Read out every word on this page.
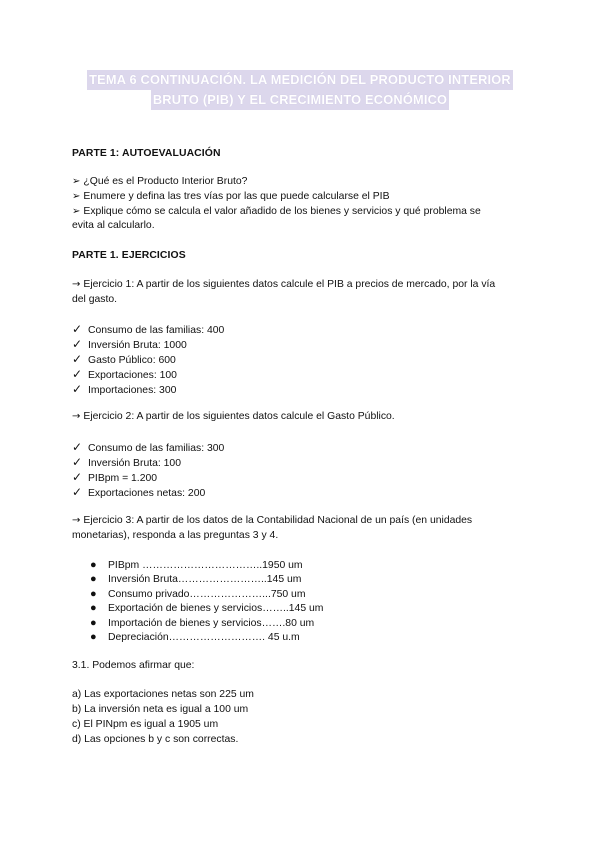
TEMA 6 CONTINUACIÓN. LA MEDICIÓN DEL PRODUCTO INTERIOR
BRUTO (PIB) Y EL CRECIMIENTO ECONÓMICO
PARTE 1: AUTOEVALUACIÓN
➢ ¿Qué es el Producto Interior Bruto?
➢ Enumere y defina las tres vías por las que puede calcularse el PIB
➢ Explique cómo se calcula el valor añadido de los bienes y servicios y qué problema se
evita al calcularlo.
PARTE 1. EJERCICIOS
→ Ejercicio 1: A partir de los siguientes datos calcule el PIB a precios de mercado, por la vía
del gasto.
✓ Consumo de las familias: 400
✓ Inversión Bruta: 1000
✓ Gasto Público: 600
✓ Exportaciones: 100
✓ Importaciones: 300
→ Ejercicio 2: A partir de los siguientes datos calcule el Gasto Público.
✓ Consumo de las familias: 300
✓ Inversión Bruta: 100
✓ PIBpm = 1.200
✓ Exportaciones netas: 200
→ Ejercicio 3: A partir de los datos de la Contabilidad Nacional de un país (en unidades
monetarias), responda a las preguntas 3 y 4.
● PIBpm ……………………………..1950 um
● Inversión Bruta……………………..145 um
● Consumo privado…………………...750 um
● Exportación de bienes y servicios……..145 um
● Importación de bienes y servicios…….80 um
● Depreciación………………………. 45 u.m
3.1. Podemos afirmar que:
a) Las exportaciones netas son 225 um
b) La inversión neta es igual a 100 um
c) El PINpm es igual a 1905 um
d) Las opciones b y c son correctas.
